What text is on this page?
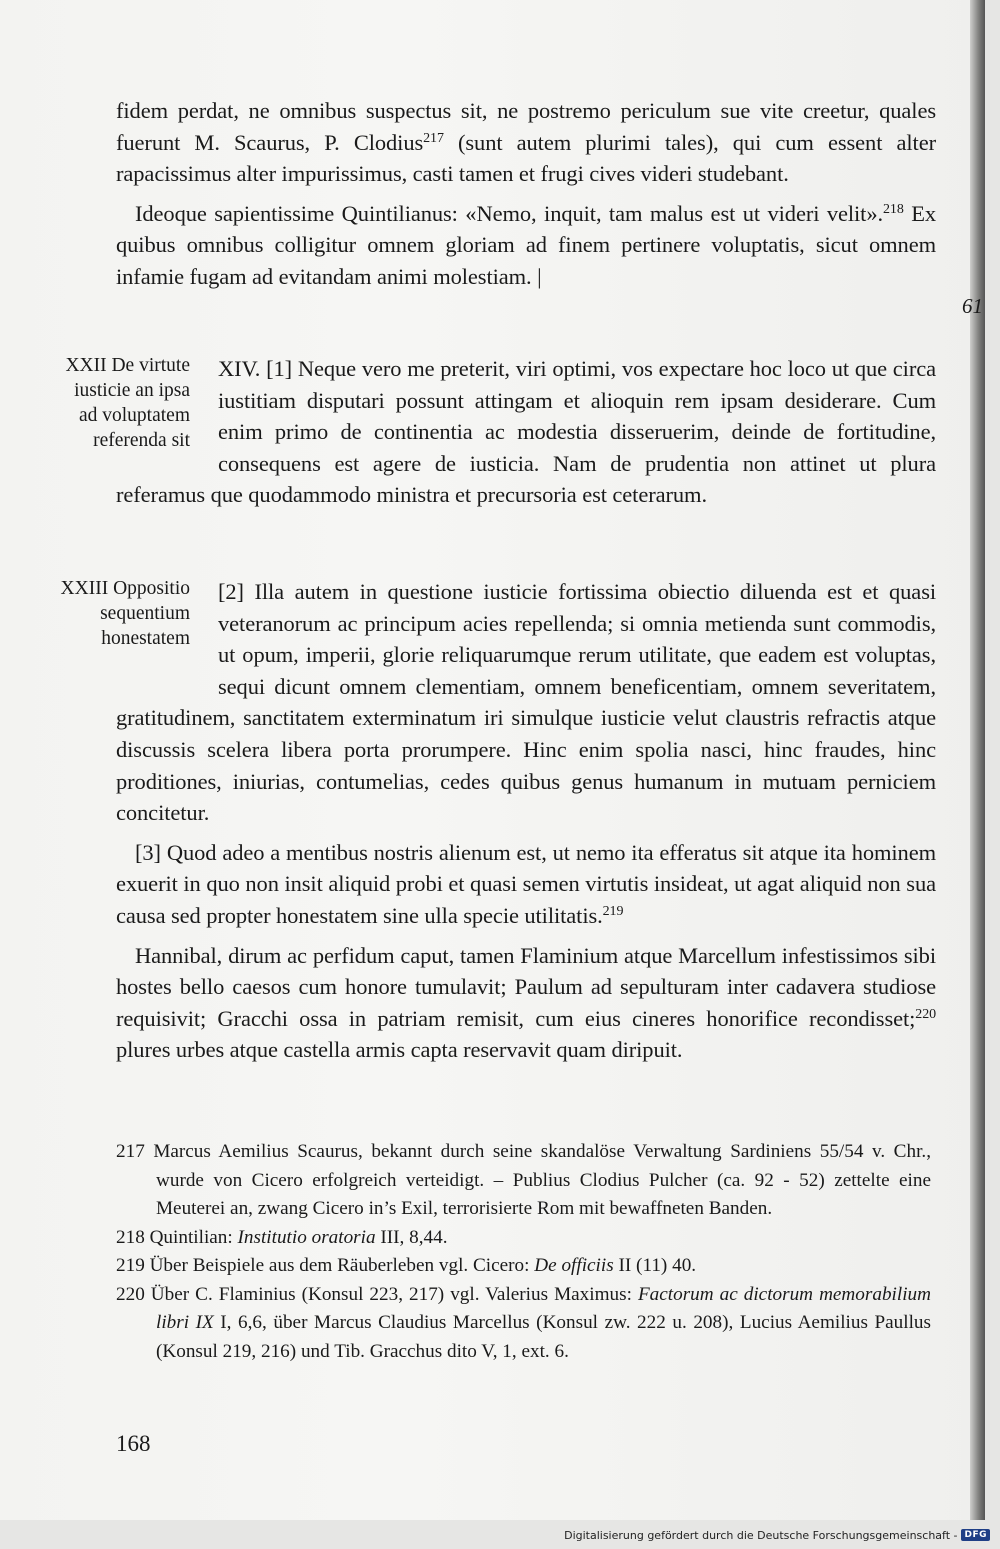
fidem perdat, ne omnibus suspectus sit, ne postremo periculum sue vite creetur, quales fuerunt M. Scaurus, P. Clodius$^{217}$ (sunt autem plurimi tales), qui cum essent alter rapacissimus alter impurissimus, casti tamen et frugi cives videri studebant.

Ideoque sapientissime Quintilianus: «Nemo, inquit, tam malus est ut videri velit».$^{218}$ Ex quibus omnibus colligitur omnem gloriam ad finem pertinere voluptatis, sicut omnem infamie fugam ad evitandam animi molestiam. |

61

XIV. [1] Neque vero me preterit, viri optimi, vos expectare hoc loco ut que circa iustitiam disputari possunt attingam et alioquin rem ipsam desiderare. Cum enim primo de continentia ac modestia disseruerim, deinde de fortitudine, consequens est agere de iusticia. Nam de prudentia non attinet ut plura referamus que quodammodo ministra et precursoria est ceterarum.

XXII De virtute
iusticie an ipsa
ad voluptatem
referenda sit

[2] Illa autem in questione iusticie fortissima obiectio diluenda est et quasi veteranorum ac principum acies repellenda; si omnia metienda sunt commodis, ut opum, imperii, glorie reliquarumque rerum utilitate, que eadem est voluptas, sequi dicunt omnem clementiam, omnem beneficentiam, omnem severitatem, gratitudinem, sanctitatem exterminatum iri simulque iusticie velut claustris refractis atque discussis scelera libera porta prorumpere. Hinc enim spolia nasci, hinc fraudes, hinc proditiones, iniurias, contumelias, cedes quibus genus humanum in mutuam perniciem concitetur.

[3] Quod adeo a mentibus nostris alienum est, ut nemo ita efferatus sit atque ita hominem exuerit in quo non insit aliquid probi et quasi semen virtutis insideat, ut agat aliquid non sua causa sed propter honestatem sine ulla specie utilitatis.$^{219}$

Hannibal, dirum ac perfidum caput, tamen Flaminium atque Marcellum infestissimos sibi hostes bello caesos cum honore tumulavit; Paulum ad sepulturam inter cadavera studiose requisivit; Gracchi ossa in patriam remisit, cum eius cineres honorifice recondisset;$^{220}$ plures urbes atque castella armis capta reservavit quam diripuit.

XXIII Oppositio
sequentium
honestatem

217 Marcus Aemilius Scaurus, bekannt durch seine skandalöse Verwaltung Sardiniens 55/54 v. Chr., wurde von Cicero erfolgreich verteidigt. – Publius Clodius Pulcher (ca. 92 - 52) zettelte eine Meuterei an, zwang Cicero in’s Exil, terrorisierte Rom mit bewaffneten Banden.

218 Quintilian: Institutio oratoria III, 8,44.

219 Über Beispiele aus dem Räuberleben vgl. Cicero: De officiis II (11) 40.

220 Über C. Flaminius (Konsul 223, 217) vgl. Valerius Maximus: Factorum ac dictorum memorabilium libri IX I, 6,6, über Marcus Claudius Marcellus (Konsul zw. 222 u. 208), Lucius Aemilius Paullus (Konsul 219, 216) und Tib. Gracchus dito V, 1, ext. 6.

168
Digitalisierung gefördert durch die Deutsche Forschungsgemeinschaft - DFG
